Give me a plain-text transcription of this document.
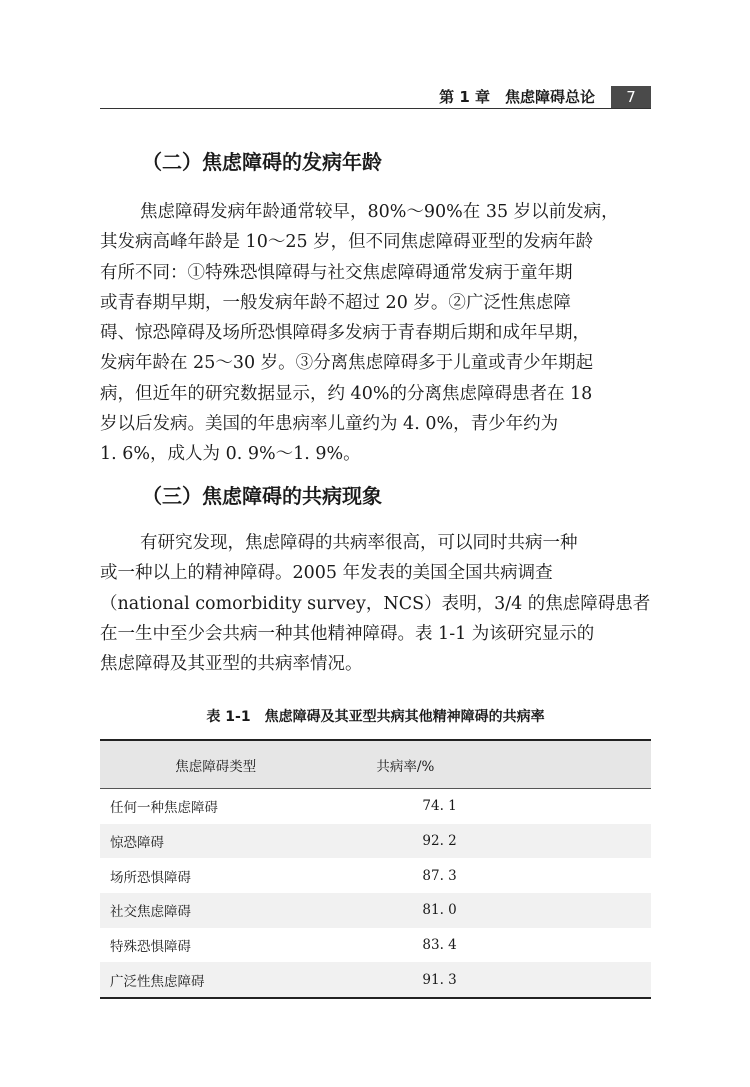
第 1 章　焦虑障碍总论	7
（二）焦虑障碍的发病年龄
焦虑障碍发病年龄通常较早，80%～90%在 35 岁以前发病，
其发病高峰年龄是 10～25 岁，但不同焦虑障碍亚型的发病年龄
有所不同：①特殊恐惧障碍与社交焦虑障碍通常发病于童年期
或青春期早期，一般发病年龄不超过 20 岁。②广泛性焦虑障
碍、惊恐障碍及场所恐惧障碍多发病于青春期后期和成年早期，
发病年龄在 25～30 岁。③分离焦虑障碍多于儿童或青少年期起
病，但近年的研究数据显示，约 40%的分离焦虑障碍患者在 18
岁以后发病。美国的年患病率儿童约为 4. 0%，青少年约为
1. 6%，成人为 0. 9%～1. 9%。
（三）焦虑障碍的共病现象
有研究发现，焦虑障碍的共病率很高，可以同时共病一种
或一种以上的精神障碍。2005 年发表的美国全国共病调查
（national comorbidity survey，NCS）表明，3/4 的焦虑障碍患者
在一生中至少会共病一种其他精神障碍。表 1-1 为该研究显示的
焦虑障碍及其亚型的共病率情况。
表 1-1　焦虑障碍及其亚型共病其他精神障碍的共病率
焦虑障碍类型	共病率/%
任何一种焦虑障碍	74. 1
惊恐障碍	92. 2
场所恐惧障碍	87. 3
社交焦虑障碍	81. 0
特殊恐惧障碍	83. 4
广泛性焦虑障碍	91. 3
